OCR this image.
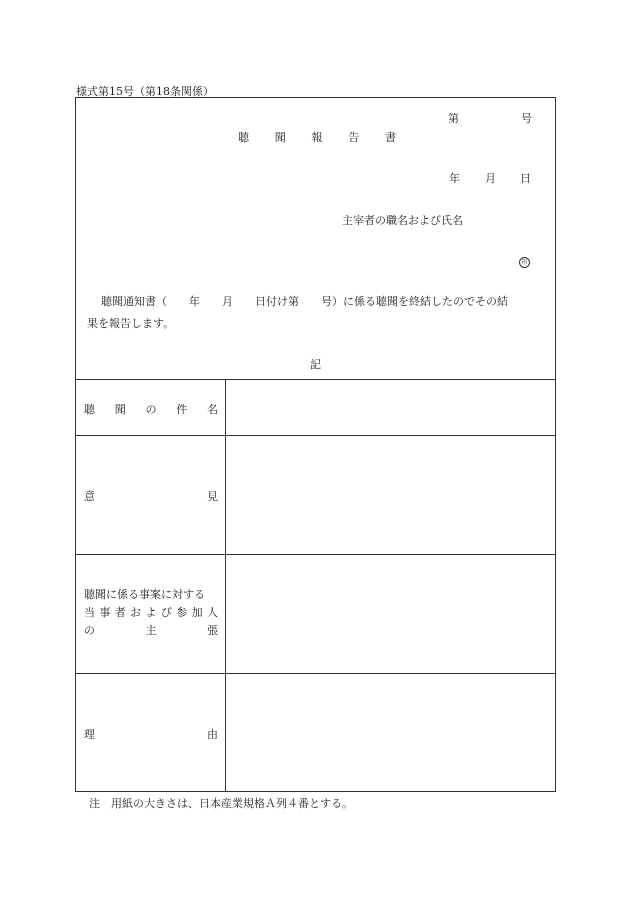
様式第15号（第18条関係）
第	号
聴 聞 報 告 書
年 月 日
主宰者の職名および氏名
印
聴聞通知書（ 年 月 日付け第 号）に係る聴聞を終結したのでその結
果を報告します。
記
聴 聞 の 件 名
意	見
聴聞に係る事案に対する
当 事 者 お よ び 参 加 人
の	主	張
理	由
注　用紙の大きさは、日本産業規格Ａ列４番とする。
